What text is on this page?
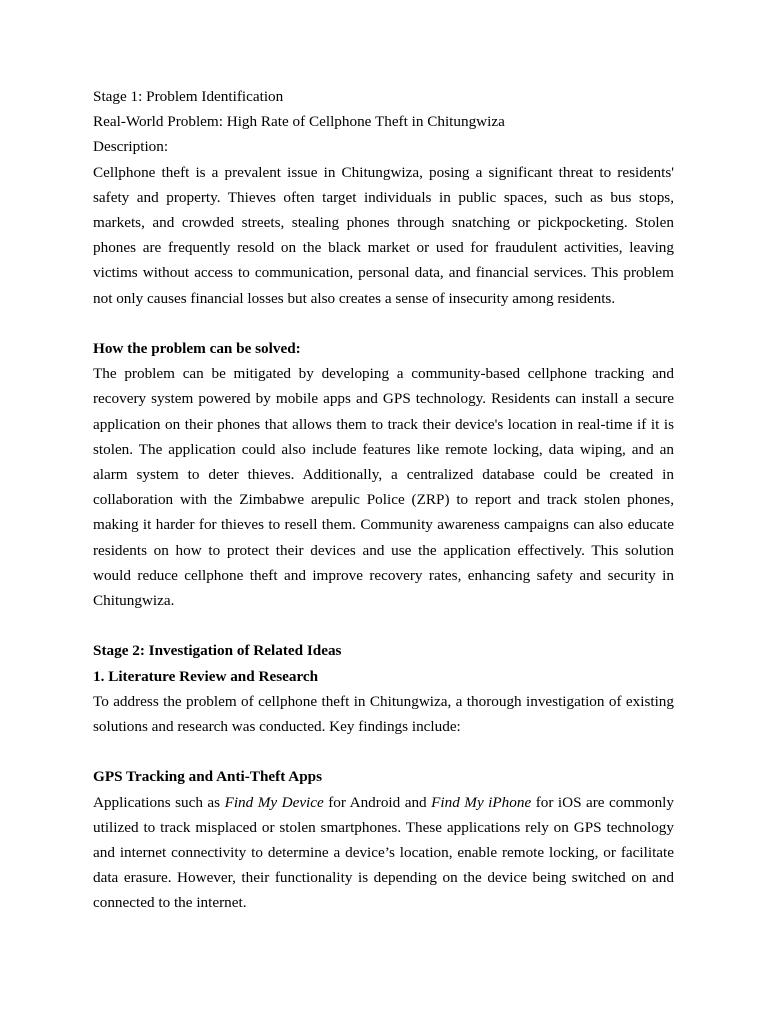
Stage 1: Problem Identification
Real-World Problem: High Rate of Cellphone Theft in Chitungwiza
Description:

Cellphone theft is a prevalent issue in Chitungwiza, posing a significant threat to residents' safety and property. Thieves often target individuals in public spaces, such as bus stops, markets, and crowded streets, stealing phones through snatching or pickpocketing. Stolen phones are frequently resold on the black market or used for fraudulent activities, leaving victims without access to communication, personal data, and financial services. This problem not only causes financial losses but also creates a sense of insecurity among residents.

How the problem can be solved:

The problem can be mitigated by developing a community-based cellphone tracking and recovery system powered by mobile apps and GPS technology. Residents can install a secure application on their phones that allows them to track their device's location in real-time if it is stolen. The application could also include features like remote locking, data wiping, and an alarm system to deter thieves. Additionally, a centralized database could be created in collaboration with the Zimbabwe arepulic Police (ZRP) to report and track stolen phones, making it harder for thieves to resell them. Community awareness campaigns can also educate residents on how to protect their devices and use the application effectively. This solution would reduce cellphone theft and improve recovery rates, enhancing safety and security in Chitungwiza.

Stage 2: Investigation of Related Ideas
1. Literature Review and Research

To address the problem of cellphone theft in Chitungwiza, a thorough investigation of existing solutions and research was conducted. Key findings include:

GPS Tracking and Anti-Theft Apps

Applications such as Find My Device for Android and Find My iPhone for iOS are commonly utilized to track misplaced or stolen smartphones. These applications rely on GPS technology and internet connectivity to determine a device’s location, enable remote locking, or facilitate data erasure. However, their functionality is depending on the device being switched on and connected to the internet.
